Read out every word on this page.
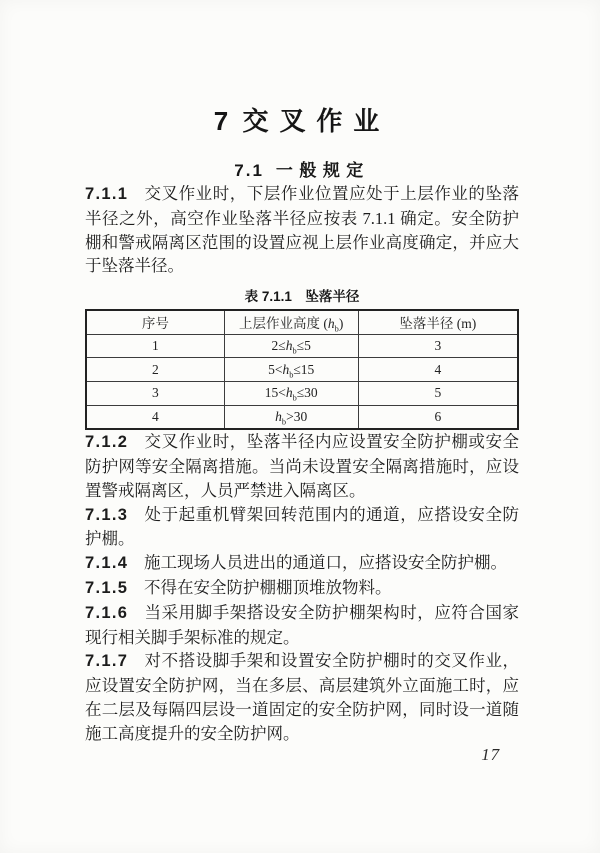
7 交叉作业
7.1 一般规定

7.1.1 交叉作业时，下层作业位置应处于上层作业的坠落半径之外，高空作业坠落半径应按表 7.1.1 确定。安全防护棚和警戒隔离区范围的设置应视上层作业高度确定，并应大于坠落半径。

表 7.1.1　坠落半径
序号	上层作业高度 $(h_b)$	坠落半径 (m)
1	$2\le h_b\le 5$	3
2	$5<h_b\le 15$	4
3	$15<h_b\le 30$	5
4	$h_b>30$	6

7.1.2 交叉作业时，坠落半径内应设置安全防护棚或安全防护网等安全隔离措施。当尚未设置安全隔离措施时，应设置警戒隔离区，人员严禁进入隔离区。

7.1.3 处于起重机臂架回转范围内的通道，应搭设安全防护棚。

7.1.4 施工现场人员进出的通道口，应搭设安全防护棚。

7.1.5 不得在安全防护棚棚顶堆放物料。

7.1.6 当采用脚手架搭设安全防护棚架构时，应符合国家现行相关脚手架标准的规定。

7.1.7 对不搭设脚手架和设置安全防护棚时的交叉作业，应设置安全防护网，当在多层、高层建筑外立面施工时，应在二层及每隔四层设一道固定的安全防护网，同时设一道随施工高度提升的安全防护网。

17
